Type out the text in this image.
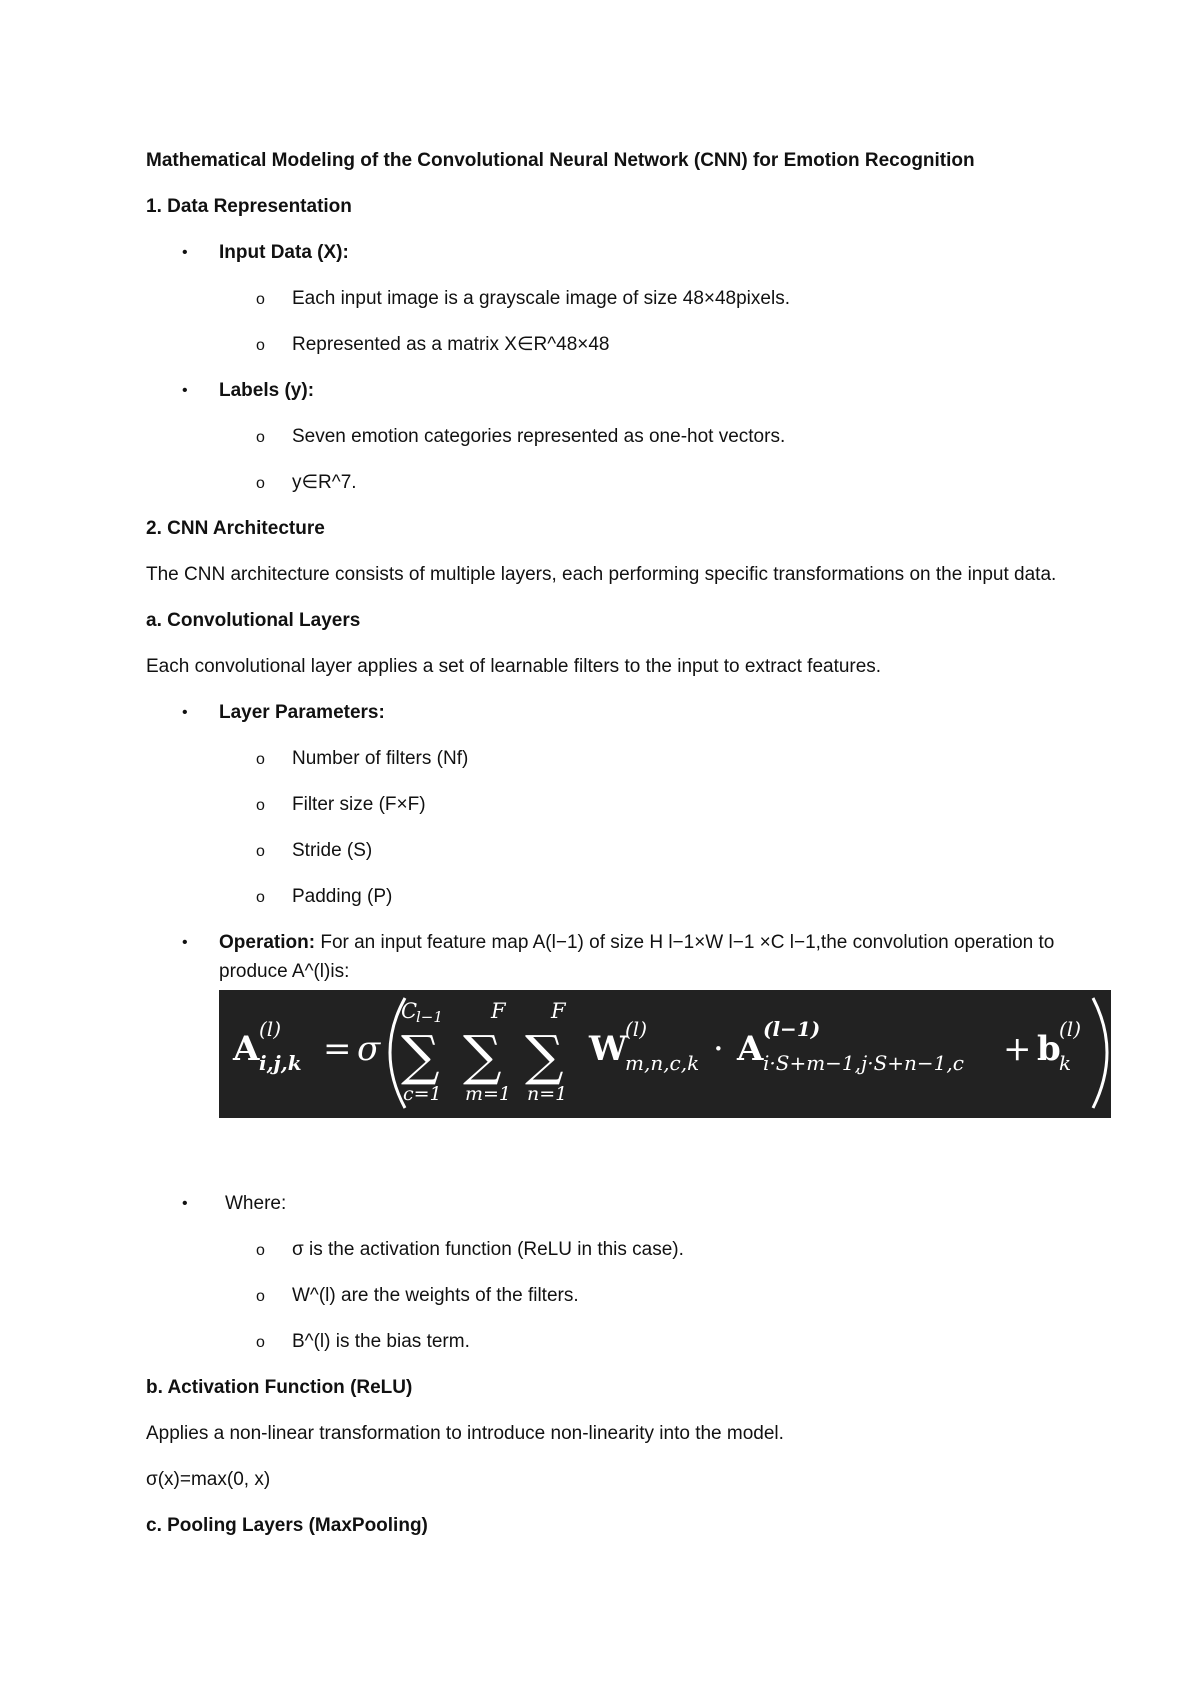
Mathematical Modeling of the Convolutional Neural Network (CNN) for Emotion Recognition

1. Data Representation

• Input Data (X):
o Each input image is a grayscale image of size 48×48pixels.
o Represented as a matrix X∈R^48×48
• Labels (y):
o Seven emotion categories represented as one-hot vectors.
o y∈R^7.

2. CNN Architecture

The CNN architecture consists of multiple layers, each performing specific transformations on the input data.

a. Convolutional Layers

Each convolutional layer applies a set of learnable filters to the input to extract features.

• Layer Parameters:
o Number of filters (Nf)
o Filter size (F×F)
o Stride (S)
o Padding (P)
• Operation: For an input feature map A(l−1) of size H l−1×W l−1 ×C l−1,the convolution operation to produce A^(l)is:
A (l)
i,j,k = σ
C
l−1
∑
c=1
F
∑
m=1
F
∑
n=1
W
(l)
m,n,c,k · A (l−1)
i·S+m−1,j·S+n−1,c + b
(l)
k
• Where:
o σ is the activation function (ReLU in this case).
o W^(l) are the weights of the filters.
o B^(l) is the bias term.

b. Activation Function (ReLU)

Applies a non-linear transformation to introduce non-linearity into the model.

σ(x)=max(0, x)

c. Pooling Layers (MaxPooling)
